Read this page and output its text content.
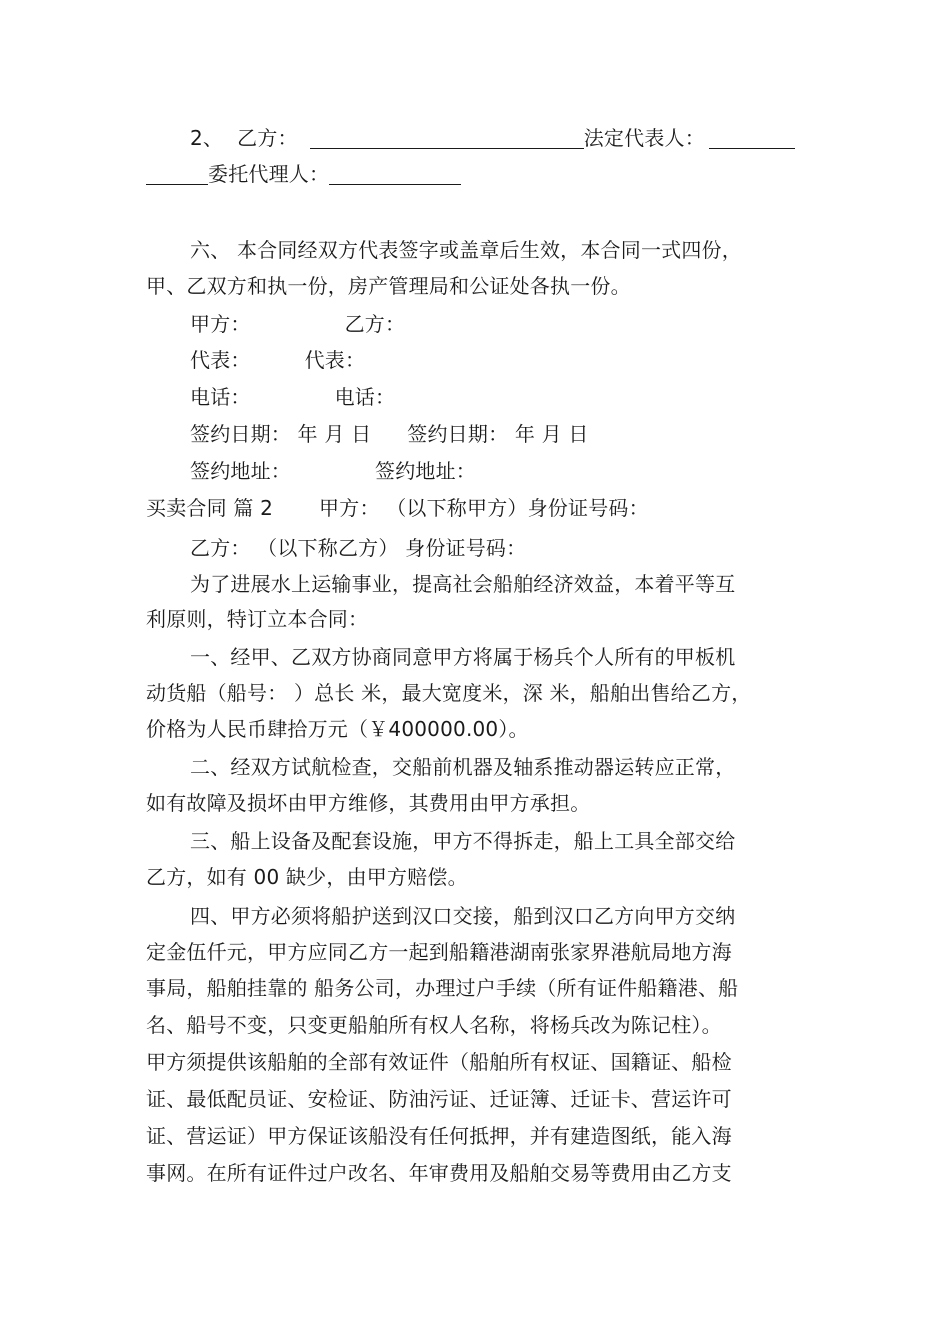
2、 乙方：	法定代表人：
委托代理人：
六、 本合同经双方代表签字或盖章后生效，本合同一式四份，
甲、乙双方和执一份，房产管理局和公证处各执一份。
甲方：	乙方：
代表：	代表：
电话：	电话：
签约日期： 年 月 日 签约日期： 年 月 日
签约地址：	签约地址：
买卖合同 篇 2 甲方： （以下称甲方）身份证号码：
乙方： （以下称乙方） 身份证号码：
为了进展水上运输事业，提高社会船舶经济效益，本着平等互
利原则，特订立本合同：
一、经甲、乙双方协商同意甲方将属于杨兵个人所有的甲板机
动货船（船号： ）总长 米，最大宽度米，深 米，船舶出售给乙方，
价格为人民币肆拾万元（￥400000.00）。
二、经双方试航检查，交船前机器及轴系推动器运转应正常，
如有故障及损坏由甲方维修，其费用由甲方承担。
三、船上设备及配套设施，甲方不得拆走，船上工具全部交给
乙方，如有 00 缺少，由甲方赔偿。
四、甲方必须将船护送到汉口交接，船到汉口乙方向甲方交纳
定金伍仟元，甲方应同乙方一起到船籍港湖南张家界港航局地方海
事局，船舶挂靠的 船务公司，办理过户手续（所有证件船籍港、船
名、船号不变，只变更船舶所有权人名称，将杨兵改为陈记柱）。
甲方须提供该船舶的全部有效证件（船舶所有权证、国籍证、船检
证、最低配员证、安检证、防油污证、迁证簿、迁证卡、营运许可
证、营运证）甲方保证该船没有任何抵押，并有建造图纸，能入海
事网。在所有证件过户改名、年审费用及船舶交易等费用由乙方支
